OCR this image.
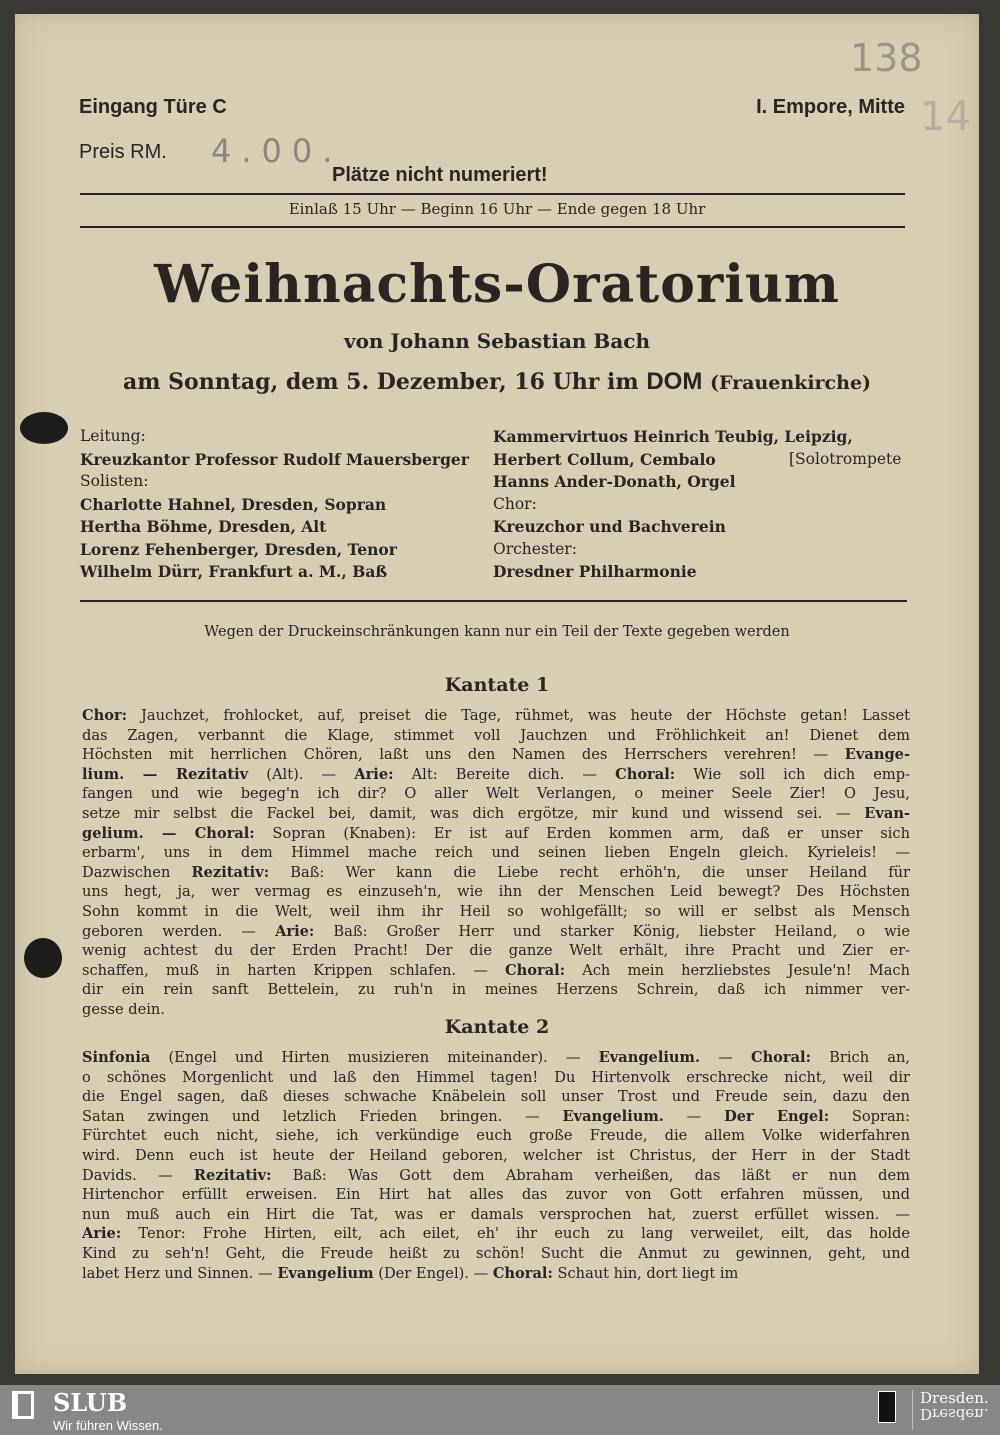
138
14
Eingang Türe C	I. Empore, Mitte
Preis RM. 4.00.
Plätze nicht numeriert!
Einlaß 15 Uhr — Beginn 16 Uhr — Ende gegen 18 Uhr
Weihnachts-Oratorium
von Johann Sebastian Bach
am Sonntag, dem 5. Dezember, 16 Uhr im DOM (Frauenkirche)
Leitung:
Kreuzkantor Professor Rudolf Mauersberger
Solisten:
Charlotte Hahnel, Dresden, Sopran
Hertha Böhme, Dresden, Alt
Lorenz Fehenberger, Dresden, Tenor
Wilhelm Dürr, Frankfurt a. M., Baß
Kammervirtuos Heinrich Teubig, Leipzig,
Herbert Collum, Cembalo
Hanns Ander-Donath, Orgel
Chor:
Kreuzchor und Bachverein
Orchester:
Dresdner Philharmonie
[Solotrompete
Wegen der Druckeinschränkungen kann nur ein Teil der Texte gegeben werden
Kantate 1
Chor: Jauchzet, frohlocket, auf, preiset die Tage, rühmet, was heute der Höchste getan! Lasset
das Zagen, verbannt die Klage, stimmet voll Jauchzen und Fröhlichkeit an! Dienet dem
Höchsten mit herrlichen Chören, laßt uns den Namen des Herrschers verehren! — Evange-
lium. — Rezitativ (Alt). — Arie: Alt: Bereite dich. — Choral: Wie soll ich dich emp-
fangen und wie begeg'n ich dir? O aller Welt Verlangen, o meiner Seele Zier! O Jesu,
setze mir selbst die Fackel bei, damit, was dich ergötze, mir kund und wissend sei. — Evan-
gelium. — Choral: Sopran (Knaben): Er ist auf Erden kommen arm, daß er unser sich
erbarm', uns in dem Himmel mache reich und seinen lieben Engeln gleich. Kyrieleis! —
Dazwischen Rezitativ: Baß: Wer kann die Liebe recht erhöh'n, die unser Heiland für
uns hegt, ja, wer vermag es einzuseh'n, wie ihn der Menschen Leid bewegt? Des Höchsten
Sohn kommt in die Welt, weil ihm ihr Heil so wohlgefällt; so will er selbst als Mensch
geboren werden. — Arie: Baß: Großer Herr und starker König, liebster Heiland, o wie
wenig achtest du der Erden Pracht! Der die ganze Welt erhält, ihre Pracht und Zier er-
schaffen, muß in harten Krippen schlafen. — Choral: Ach mein herzliebstes Jesule'n! Mach
dir ein rein sanft Bettelein, zu ruh'n in meines Herzens Schrein, daß ich nimmer ver-
gesse dein.
Kantate 2
Sinfonia (Engel und Hirten musizieren miteinander). — Evangelium. — Choral: Brich an,
o schönes Morgenlicht und laß den Himmel tagen! Du Hirtenvolk erschrecke nicht, weil dir
die Engel sagen, daß dieses schwache Knäbelein soll unser Trost und Freude sein, dazu den
Satan zwingen und letzlich Frieden bringen. — Evangelium. — Der Engel: Sopran:
Fürchtet euch nicht, siehe, ich verkündige euch große Freude, die allem Volke widerfahren
wird. Denn euch ist heute der Heiland geboren, welcher ist Christus, der Herr in der Stadt
Davids. — Rezitativ: Baß: Was Gott dem Abraham verheißen, das läßt er nun dem
Hirtenchor erfüllt erweisen. Ein Hirt hat alles das zuvor von Gott erfahren müssen, und
nun muß auch ein Hirt die Tat, was er damals versprochen hat, zuerst erfüllet wissen. —
Arie: Tenor: Frohe Hirten, eilt, ach eilet, eh' ihr euch zu lang verweilet, eilt, das holde
Kind zu seh'n! Geht, die Freude heißt zu schön! Sucht die Anmut zu gewinnen, geht, und
labet Herz und Sinnen. — Evangelium (Der Engel). — Choral: Schaut hin, dort liegt im
SLUB
Wir führen Wissen.
Dresden.
Dresden.
